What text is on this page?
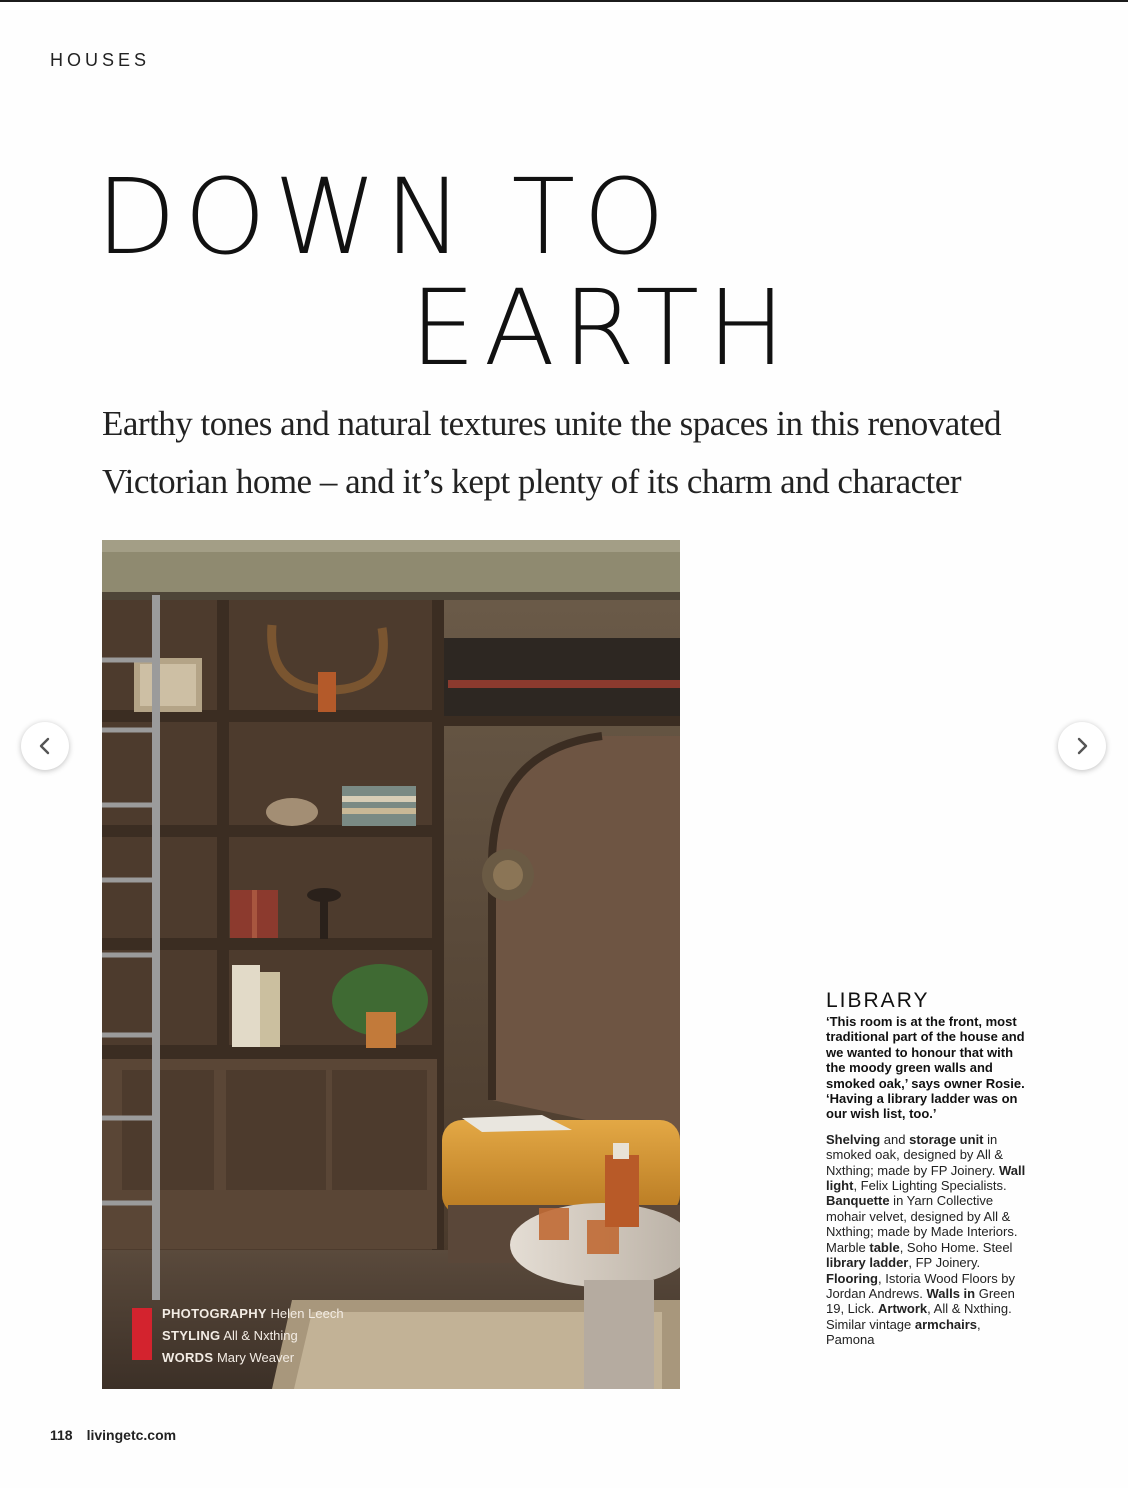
HOUSES
DOWN TO
EARTH
Earthy tones and natural textures unite the spaces in this renovated
Victorian home – and it’s kept plenty of its charm and character
PHOTOGRAPHY Helen Leech
STYLING All & Nxthing
WORDS Mary Weaver
LIBRARY
‘This room is at the front, most traditional part of the house and we wanted to honour that with the moody green walls and smoked oak,’ says owner Rosie. ‘Having a library ladder was on our wish list, too.’
Shelving and storage unit in smoked oak, designed by All & Nxthing; made by FP Joinery. Wall light, Felix Lighting Specialists. Banquette in Yarn Collective mohair velvet, designed by All & Nxthing; made by Made Interiors. Marble table, Soho Home. Steel library ladder, FP Joinery. Flooring, Istoria Wood Floors by Jordan Andrews. Walls in Green 19, Lick. Artwork, All & Nxthing. Similar vintage armchairs, Pamona
118 livingetc.com
